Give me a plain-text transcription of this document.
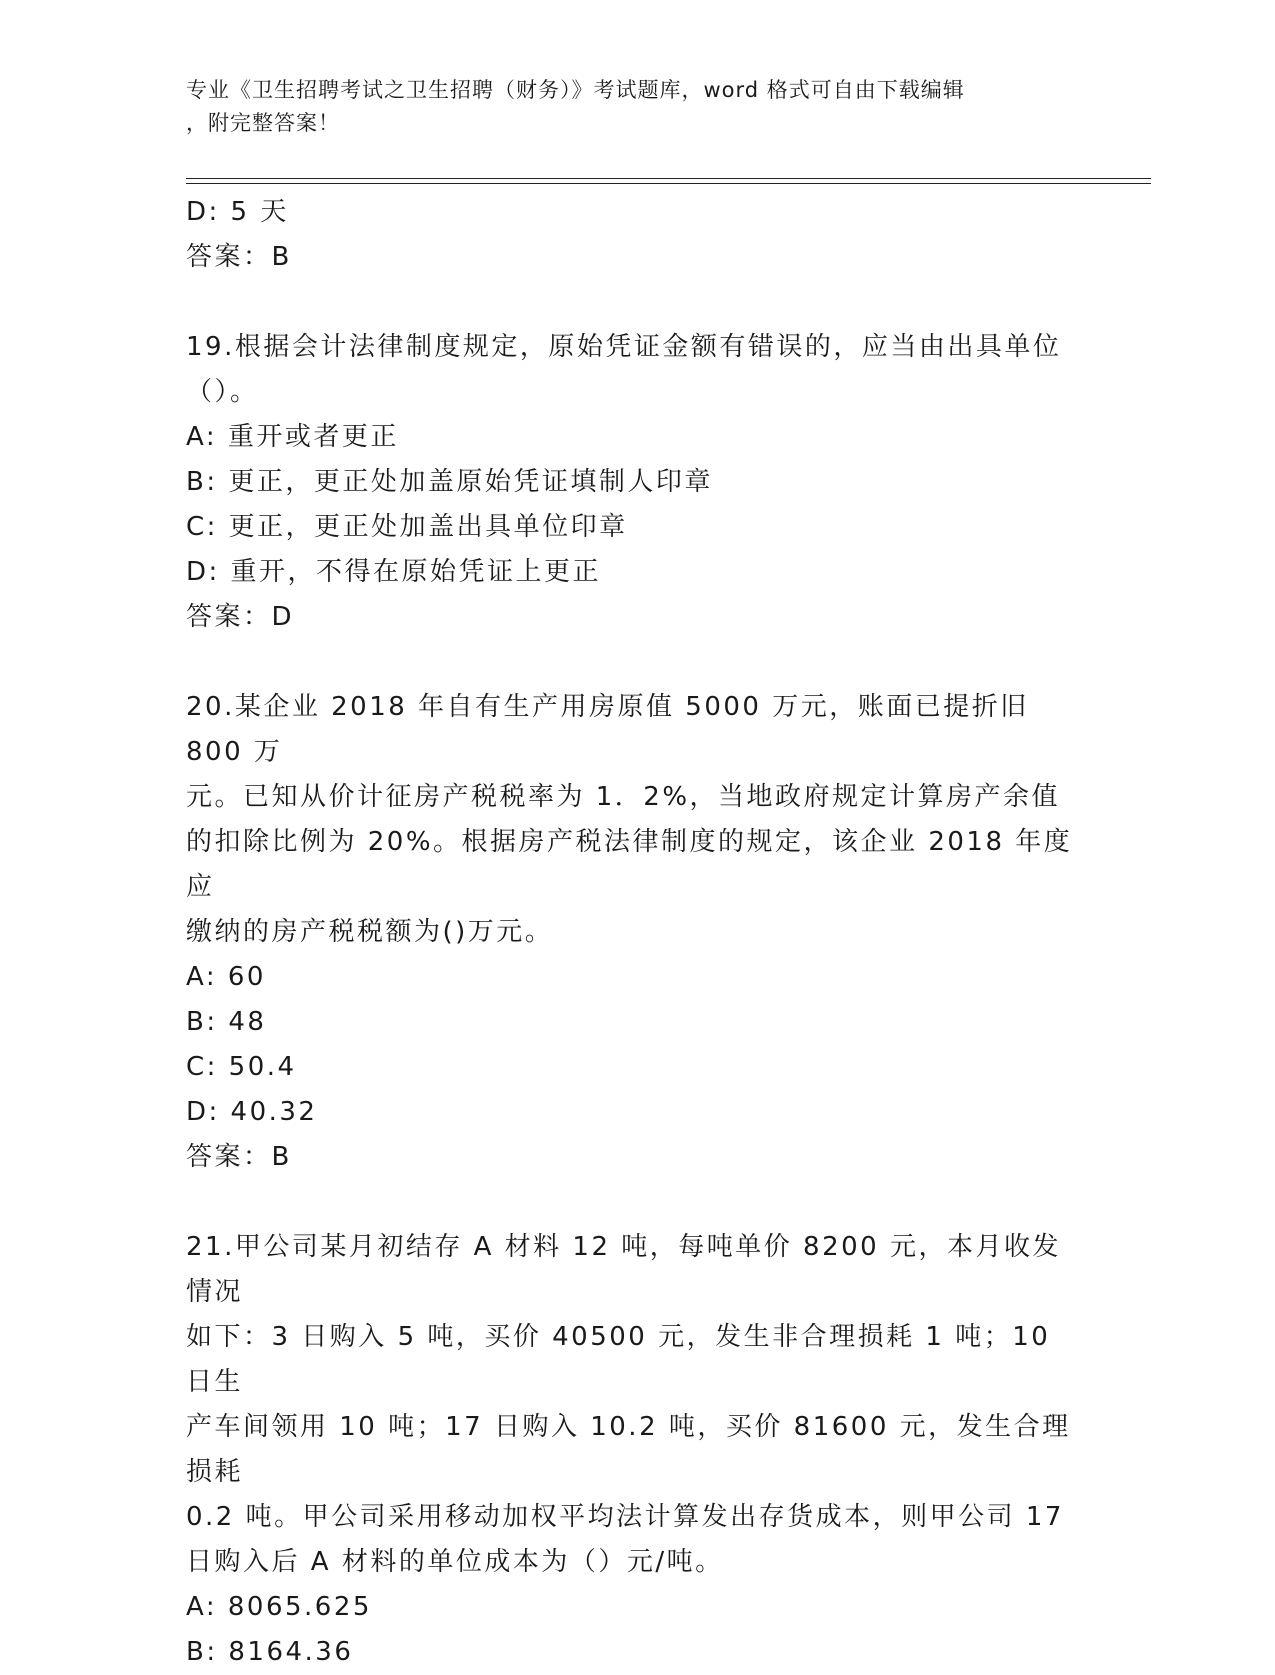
专业《卫生招聘考试之卫生招聘（财务）》考试题库，word 格式可自由下载编辑
，附完整答案！
D: 5 天
答案：B
19.根据会计法律制度规定，原始凭证金额有错误的，应当由出具单位
（）。
A: 重开或者更正
B: 更正，更正处加盖原始凭证填制人印章
C: 更正，更正处加盖出具单位印章
D: 重开，不得在原始凭证上更正
答案：D
20.某企业 2018 年自有生产用房原值 5000 万元，账面已提折旧 800 万
元。已知从价计征房产税税率为 1．2%，当地政府规定计算房产余值
的扣除比例为 20%。根据房产税法律制度的规定，该企业 2018 年度应
缴纳的房产税税额为()万元。
A: 60
B: 48
C: 50.4
D: 40.32
答案：B
21.甲公司某月初结存 A 材料 12 吨，每吨单价 8200 元，本月收发情况
如下：3 日购入 5 吨，买价 40500 元，发生非合理损耗 1 吨；10 日生
产车间领用 10 吨；17 日购入 10.2 吨，买价 81600 元，发生合理损耗
0.2 吨。甲公司采用移动加权平均法计算发出存货成本，则甲公司 17
日购入后 A 材料的单位成本为（）元/吨。
A: 8065.625
B: 8164.36
